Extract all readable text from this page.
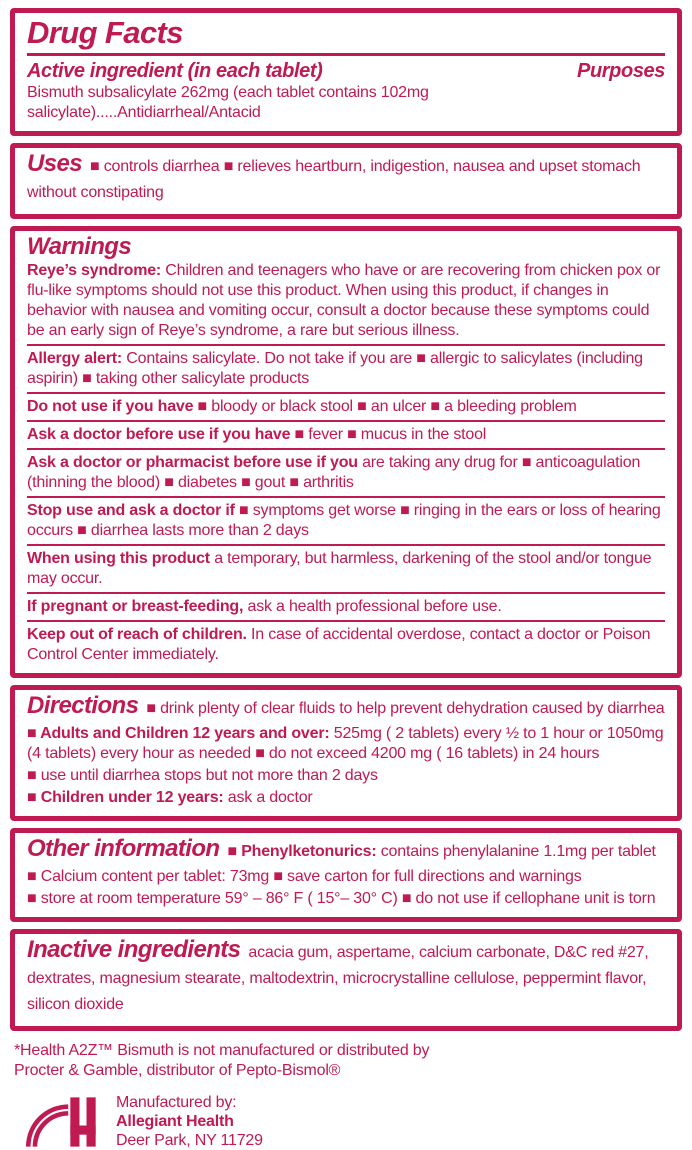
Drug Facts
Active ingredient (in each tablet)	Purposes
Bismuth subsalicylate 262mg (each tablet contains 102mg salicylate).....Antidiarrheal/Antacid

Uses ■ controls diarrhea ■ relieves heartburn, indigestion, nausea and upset stomach without constipating

Warnings

Reye’s syndrome: Children and teenagers who have or are recovering from chicken pox or flu-like symptoms should not use this product. When using this product, if changes in behavior with nausea and vomiting occur, consult a doctor because these symptoms could be an early sign of Reye’s syndrome, a rare but serious illness.

Allergy alert: Contains salicylate. Do not take if you are ■ allergic to salicylates (including aspirin) ■ taking other salicylate products

Do not use if you have ■ bloody or black stool ■ an ulcer ■ a bleeding problem

Ask a doctor before use if you have ■ fever ■ mucus in the stool

Ask a doctor or pharmacist before use if you are taking any drug for ■ anticoagulation (thinning the blood) ■ diabetes ■ gout ■ arthritis

Stop use and ask a doctor if ■ symptoms get worse ■ ringing in the ears or loss of hearing occurs ■ diarrhea lasts more than 2 days

When using this product a temporary, but harmless, darkening of the stool and/or tongue may occur.

If pregnant or breast-feeding, ask a health professional before use.

Keep out of reach of children. In case of accidental overdose, contact a doctor or Poison Control Center immediately.

Directions ■ drink plenty of clear fluids to help prevent dehydration caused by diarrhea

■ Adults and Children 12 years and over: 525mg ( 2 tablets) every ½ to 1 hour or 1050mg (4 tablets) every hour as needed ■ do not exceed 4200 mg ( 16 tablets) in 24 hours

■ use until diarrhea stops but not more than 2 days

■ Children under 12 years: ask a doctor

Other information ■ Phenylketonurics: contains phenylalanine 1.1mg per tablet

■ Calcium content per tablet: 73mg ■ save carton for full directions and warnings

■ store at room temperature 59° – 86° F ( 15°– 30° C) ■ do not use if cellophane unit is torn

Inactive ingredients acacia gum, aspertame, calcium carbonate, D&C red #27, dextrates, magnesium stearate, maltodextrin, microcrystalline cellulose, peppermint flavor, silicon dioxide

*Health A2Z™ Bismuth is not manufactured or distributed by
Procter & Gamble, distributor of Pepto-Bismol®
Manufactured by:
Allegiant Health
Deer Park, NY 11729
